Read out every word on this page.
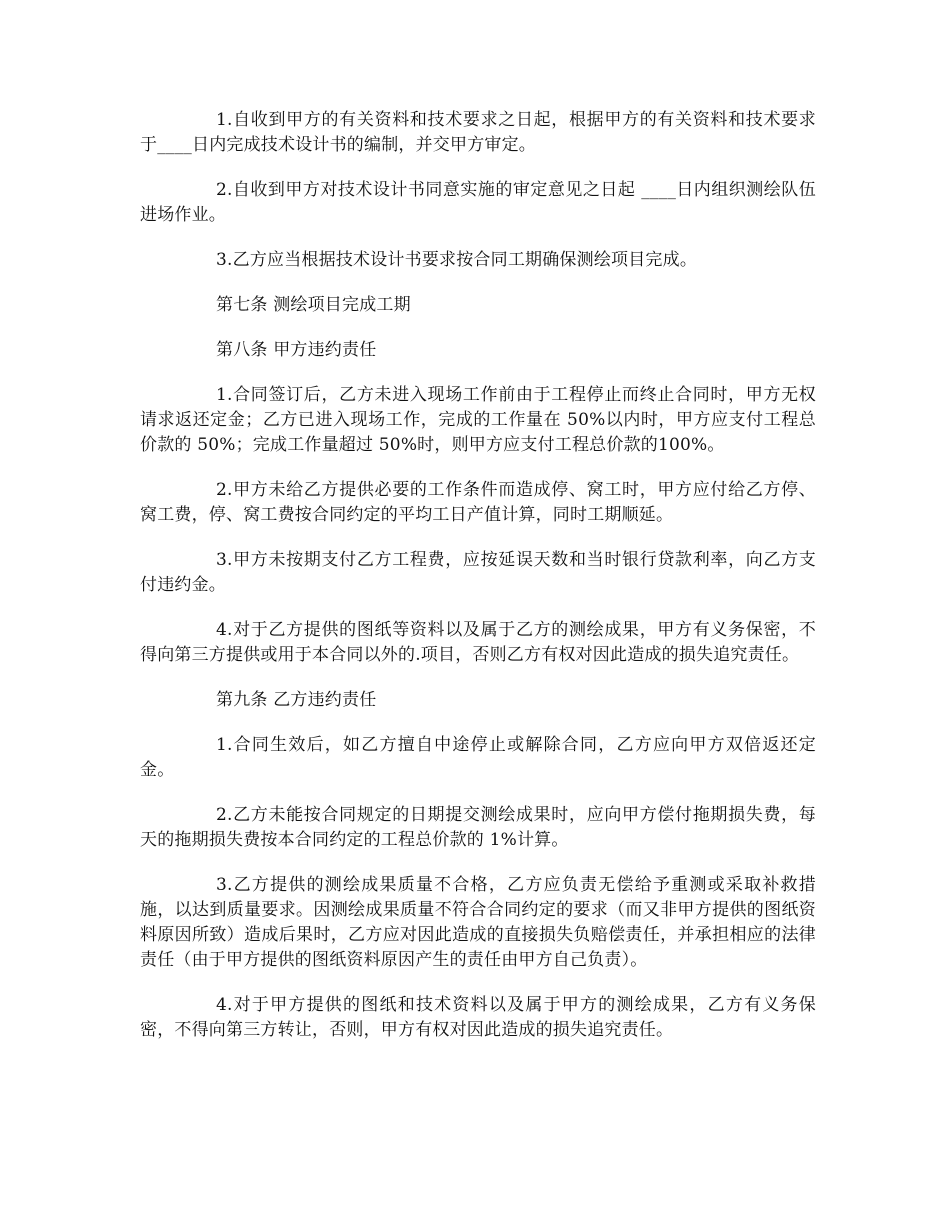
1.自收到甲方的有关资料和技术要求之日起，根据甲方的有关资料和技术要求于____日内完成技术设计书的编制，并交甲方审定。

2.自收到甲方对技术设计书同意实施的审定意见之日起 ____日内组织测绘队伍进场作业。

3.乙方应当根据技术设计书要求按合同工期确保测绘项目完成。

第七条 测绘项目完成工期

第八条 甲方违约责任

1.合同签订后，乙方未进入现场工作前由于工程停止而终止合同时，甲方无权请求返还定金；乙方已进入现场工作，完成的工作量在 50%以内时，甲方应支付工程总价款的 50%；完成工作量超过 50%时，则甲方应支付工程总价款的100%。

2.甲方未给乙方提供必要的工作条件而造成停、窝工时，甲方应付给乙方停、窝工费，停、窝工费按合同约定的平均工日产值计算，同时工期顺延。

3.甲方未按期支付乙方工程费，应按延误天数和当时银行贷款利率，向乙方支付违约金。

4.对于乙方提供的图纸等资料以及属于乙方的测绘成果，甲方有义务保密，不得向第三方提供或用于本合同以外的.项目，否则乙方有权对因此造成的损失追究责任。

第九条 乙方违约责任

1.合同生效后，如乙方擅自中途停止或解除合同，乙方应向甲方双倍返还定金。

2.乙方未能按合同规定的日期提交测绘成果时，应向甲方偿付拖期损失费，每天的拖期损失费按本合同约定的工程总价款的 1%计算。

3.乙方提供的测绘成果质量不合格，乙方应负责无偿给予重测或采取补救措施，以达到质量要求。因测绘成果质量不符合合同约定的要求（而又非甲方提供的图纸资料原因所致）造成后果时，乙方应对因此造成的直接损失负赔偿责任，并承担相应的法律责任（由于甲方提供的图纸资料原因产生的责任由甲方自己负责）。

4.对于甲方提供的图纸和技术资料以及属于甲方的测绘成果，乙方有义务保密，不得向第三方转让，否则，甲方有权对因此造成的损失追究责任。
